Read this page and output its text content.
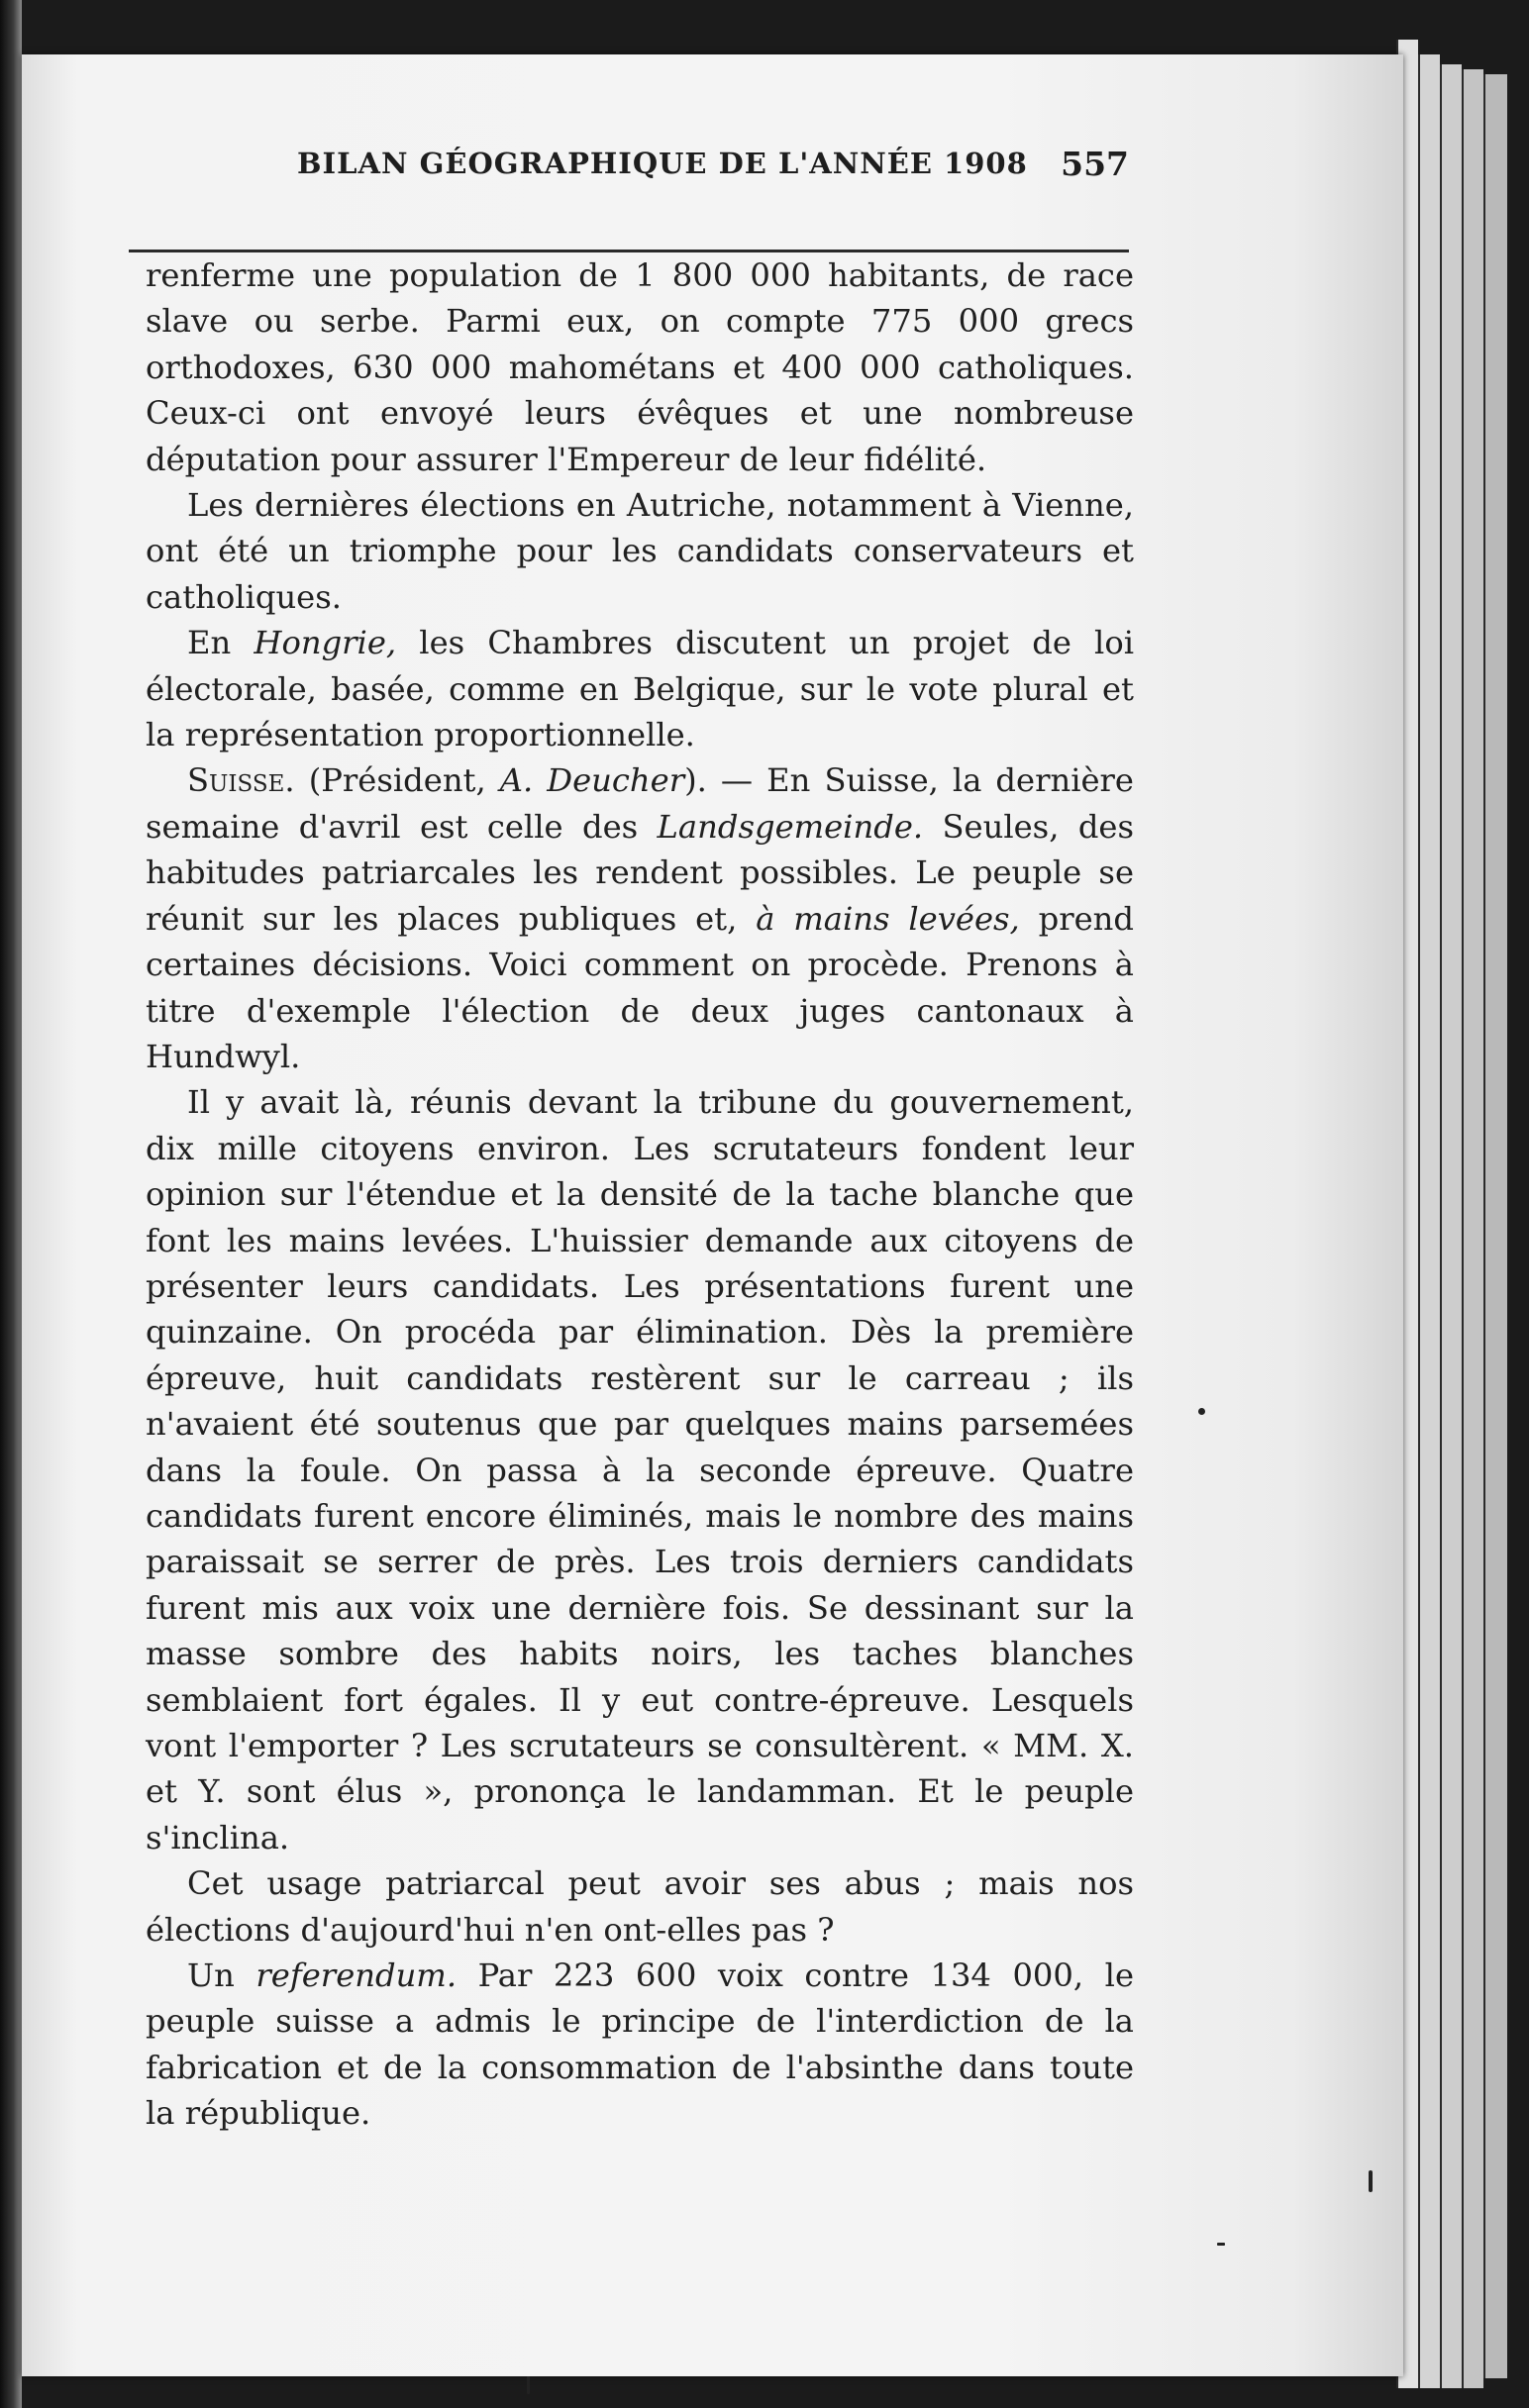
BILAN GÉOGRAPHIQUE DE L'ANNÉE 1908 557

renferme une population de 1 800 000 habitants, de race slave ou serbe. Parmi eux, on compte 775 000 grecs orthodoxes, 630 000 mahométans et 400 000 catholiques. Ceux-ci ont envoyé leurs évêques et une nombreuse députation pour assurer l'Empereur de leur fidélité.

Les dernières élections en Autriche, notamment à Vienne, ont été un triomphe pour les candidats conservateurs et catholiques.

En Hongrie, les Chambres discutent un projet de loi électorale, basée, comme en Belgique, sur le vote plural et la représentation proportionnelle.

Suisse. (Président, A. Deucher). — En Suisse, la dernière semaine d'avril est celle des Landsgemeinde. Seules, des habitudes patriarcales les rendent possibles. Le peuple se réunit sur les places publiques et, à mains levées, prend certaines décisions. Voici comment on procède. Prenons à titre d'exemple l'élection de deux juges cantonaux à Hundwyl.

Il y avait là, réunis devant la tribune du gouvernement, dix mille citoyens environ. Les scrutateurs fondent leur opinion sur l'étendue et la densité de la tache blanche que font les mains levées. L'huissier demande aux citoyens de présenter leurs candidats. Les présentations furent une quinzaine. On procéda par élimination. Dès la première épreuve, huit candidats restèrent sur le carreau ; ils n'avaient été soutenus que par quelques mains parsemées dans la foule. On passa à la seconde épreuve. Quatre candidats furent encore éliminés, mais le nombre des mains paraissait se serrer de près. Les trois derniers candidats furent mis aux voix une dernière fois. Se dessinant sur la masse sombre des habits noirs, les taches blanches semblaient fort égales. Il y eut contre-épreuve. Lesquels vont l'emporter ? Les scrutateurs se consultèrent. « MM. X. et Y. sont élus », prononça le landamman. Et le peuple s'inclina.

Cet usage patriarcal peut avoir ses abus ; mais nos élections d'aujourd'hui n'en ont-elles pas ?

Un referendum. Par 223 600 voix contre 134 000, le peuple suisse a admis le principe de l'interdiction de la fabrication et de la consommation de l'absinthe dans toute la république.
